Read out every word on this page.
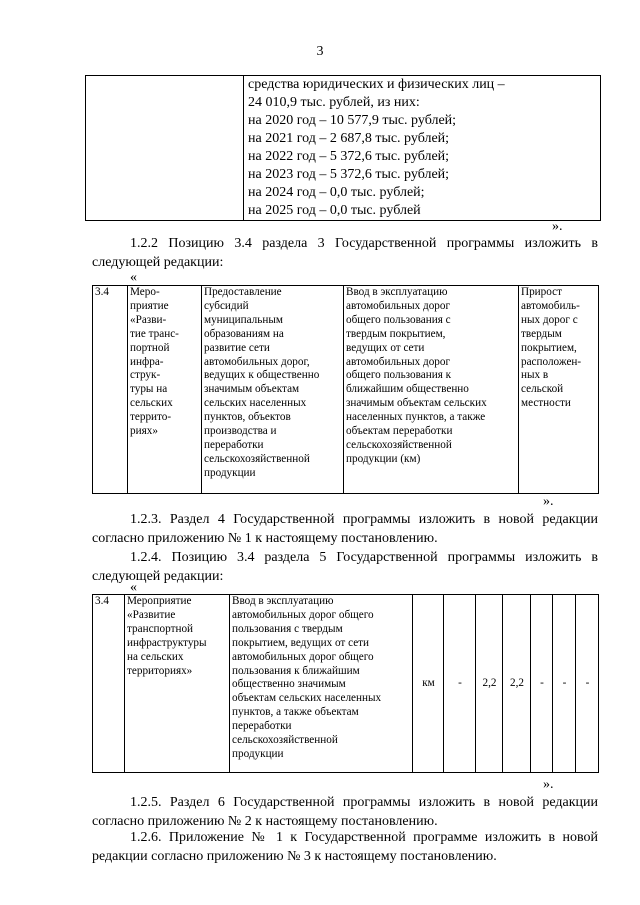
3

средства юридических и физических лиц –
24 010,9 тыс. рублей, из них:
на 2020 год – 10 577,9 тыс. рублей;
на 2021 год – 2 687,8 тыс. рублей;
на 2022 год – 5 372,6 тыс. рублей;
на 2023 год – 5 372,6 тыс. рублей;
на 2024 год – 0,0 тыс. рублей;
на 2025 год – 0,0 тыс. рублей
».
1.2.2 Позицию 3.4 раздела 3 Государственной программы изложить в следующей редакции:
«
3.4	Меро-
приятие
«Разви-
тие транс-
портной
инфра-
струк-
туры на
сельских
террито-
риях»

Предоставление
субсидий
муниципальным
образованиям на
развитие сети
автомобильных дорог,
ведущих к общественно
значимым объектам
сельских населенных
пунктов, объектов
производства и
переработки
сельскохозяйственной
продукции

Ввод в эксплуатацию
автомобильных дорог
общего пользования с
твердым покрытием,
ведущих от сети
автомобильных дорог
общего пользования к
ближайшим общественно
значимым объектам сельских
населенных пунктов, а также
объектам переработки
сельскохозяйственной
продукции (км)

Прирост
автомобиль-
ных дорог с
твердым
покрытием,
расположен-
ных в
сельской
местности
».
1.2.3. Раздел 4 Государственной программы изложить в новой редакции согласно приложению № 1 к настоящему постановлению.
1.2.4. Позицию 3.4 раздела 5 Государственной программы изложить в следующей редакции:
«
3.4	Мероприятие
«Развитие
транспортной
инфраструктуры
на сельских
территориях»

Ввод в эксплуатацию
автомобильных дорог общего
пользования с твердым
покрытием, ведущих от сети
автомобильных дорог общего
пользования к ближайшим
общественно значимым
объектам сельских населенных
пунктов, а также объектам
переработки
сельскохозяйственной
продукции
	км	-	2,2	2,2	-	-	-
».
1.2.5. Раздел 6 Государственной программы изложить в новой редакции согласно приложению № 2 к настоящему постановлению.
1.2.6. Приложение № 1 к Государственной программе изложить в новой редакции согласно приложению № 3 к настоящему постановлению.
